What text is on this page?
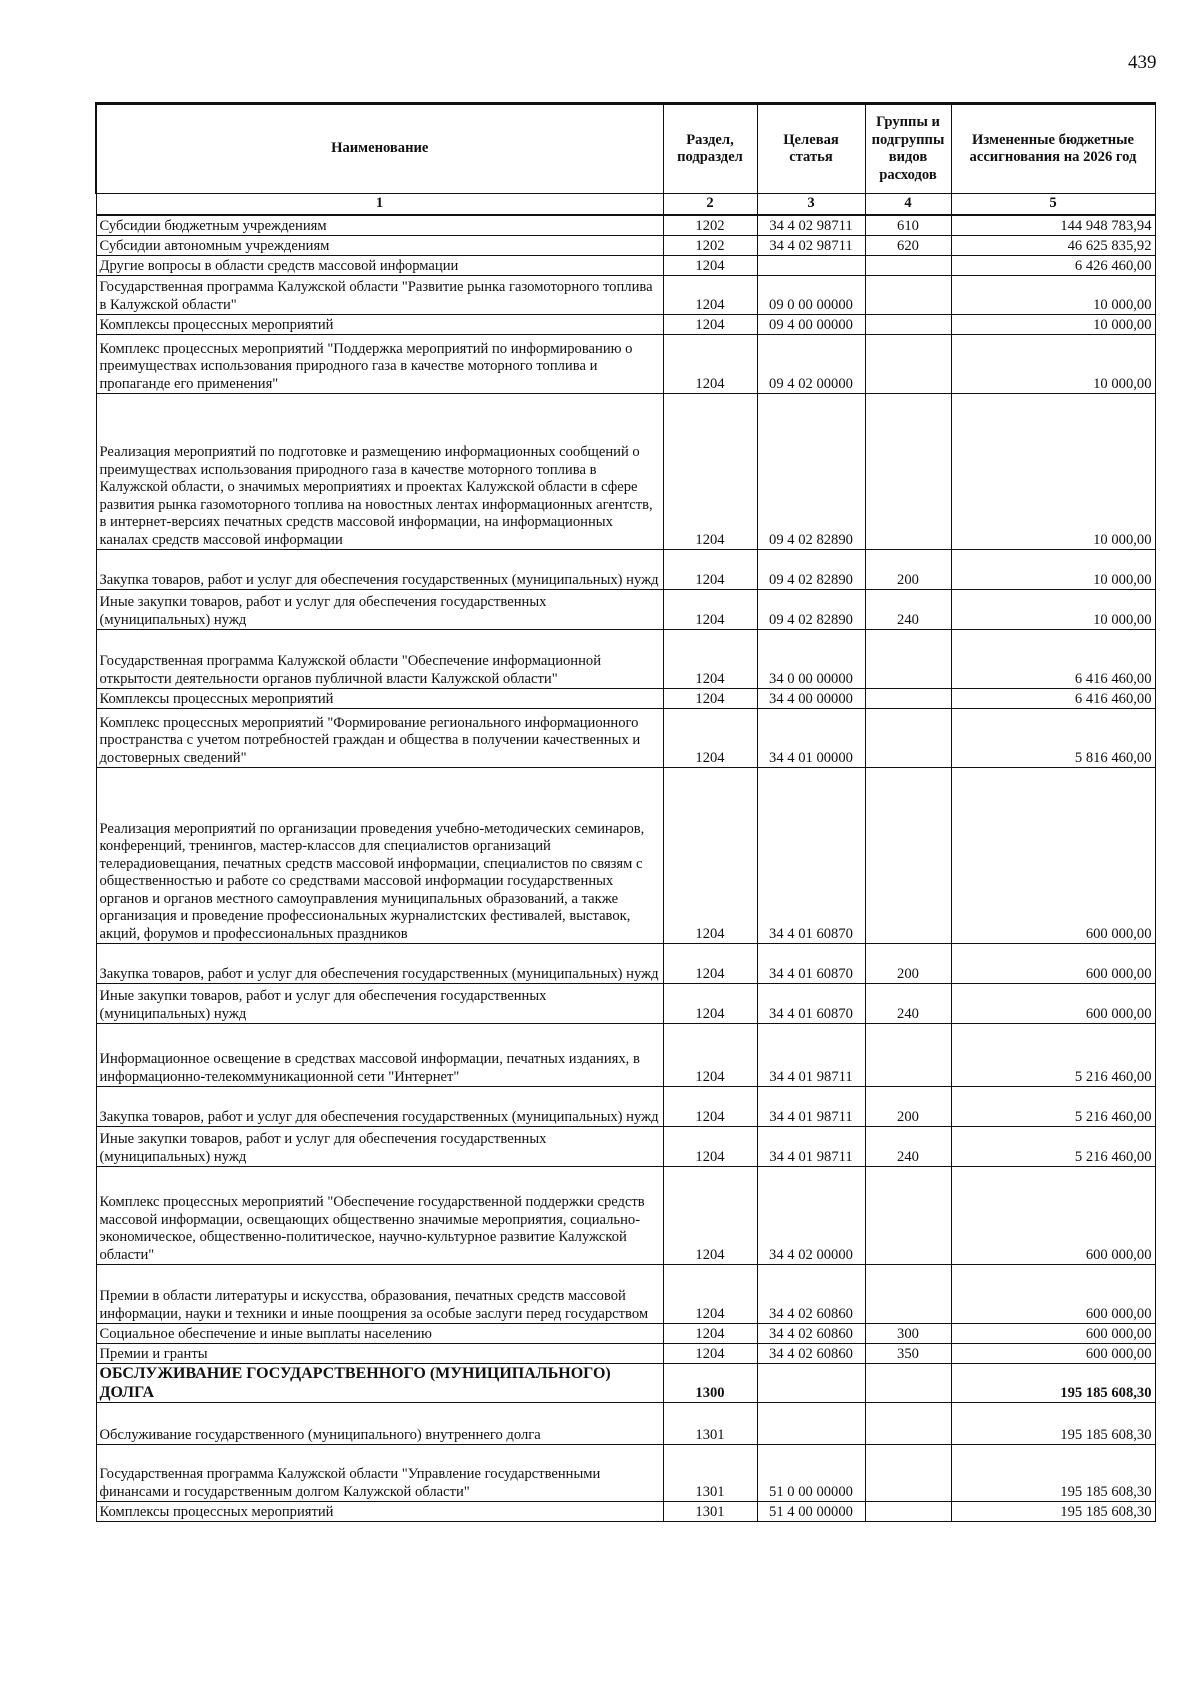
439
Наименование	Раздел, подраздел	Целевая статья	Группы и подгруппы видов расходов	Измененные бюджетные ассигнования на 2026 год
1	2	3	4	5
Субсидии бюджетным учреждениям	1202	34 4 02 98711	610	144 948 783,94
Субсидии автономным учреждениям	1202	34 4 02 98711	620	46 625 835,92
Другие вопросы в области средств массовой информации	1204			6 426 460,00
Государственная программа Калужской области "Развитие рынка газомоторного топлива в Калужской области"	1204	09 0 00 00000		10 000,00
Комплексы процессных мероприятий	1204	09 4 00 00000		10 000,00
Комплекс процессных мероприятий "Поддержка мероприятий по информированию о преимуществах использования природного газа в качестве моторного топлива и пропаганде его применения"	1204	09 4 02 00000		10 000,00
Реализация мероприятий по подготовке и размещению информационных сообщений о преимуществах использования природного газа в качестве моторного топлива в Калужской области, о значимых мероприятиях и проектах Калужской области в сфере развития рынка газомоторного топлива на новостных лентах информационных агентств, в интернет-версиях печатных средств массовой информации, на информационных каналах средств массовой информации	1204	09 4 02 82890		10 000,00
Закупка товаров, работ и услуг для обеспечения государственных (муниципальных) нужд	1204	09 4 02 82890	200	10 000,00
Иные закупки товаров, работ и услуг для обеспечения государственных (муниципальных) нужд	1204	09 4 02 82890	240	10 000,00
Государственная программа Калужской области "Обеспечение информационной открытости деятельности органов публичной власти Калужской области"	1204	34 0 00 00000		6 416 460,00
Комплексы процессных мероприятий	1204	34 4 00 00000		6 416 460,00
Комплекс процессных мероприятий "Формирование регионального информационного пространства с учетом потребностей граждан и общества в получении качественных и достоверных сведений"	1204	34 4 01 00000		5 816 460,00
Реализация мероприятий по организации проведения учебно-методических семинаров, конференций, тренингов, мастер-классов для специалистов организаций телерадиовещания, печатных средств массовой информации, специалистов по связям с общественностью и работе со средствами массовой информации государственных органов и органов местного самоуправления муниципальных образований, а также организация и проведение профессиональных журналистских фестивалей, выставок, акций, форумов и профессиональных праздников	1204	34 4 01 60870		600 000,00
Закупка товаров, работ и услуг для обеспечения государственных (муниципальных) нужд	1204	34 4 01 60870	200	600 000,00
Иные закупки товаров, работ и услуг для обеспечения государственных (муниципальных) нужд	1204	34 4 01 60870	240	600 000,00
Информационное освещение в средствах массовой информации, печатных изданиях, в информационно-телекоммуникационной сети "Интернет"	1204	34 4 01 98711		5 216 460,00
Закупка товаров, работ и услуг для обеспечения государственных (муниципальных) нужд	1204	34 4 01 98711	200	5 216 460,00
Иные закупки товаров, работ и услуг для обеспечения государственных (муниципальных) нужд	1204	34 4 01 98711	240	5 216 460,00
Комплекс процессных мероприятий "Обеспечение государственной поддержки средств массовой информации, освещающих общественно значимые мероприятия, социально-экономическое, общественно-политическое, научно-культурное развитие Калужской области"	1204	34 4 02 00000		600 000,00
Премии в области литературы и искусства, образования, печатных средств массовой информации, науки и техники и иные поощрения за особые заслуги перед государством	1204	34 4 02 60860		600 000,00
Социальное обеспечение и иные выплаты населению	1204	34 4 02 60860	300	600 000,00
Премии и гранты	1204	34 4 02 60860	350	600 000,00
ОБСЛУЖИВАНИЕ ГОСУДАРСТВЕННОГО (МУНИЦИПАЛЬНОГО) ДОЛГА	1300			195 185 608,30
Обслуживание государственного (муниципального) внутреннего долга	1301			195 185 608,30
Государственная программа Калужской области "Управление государственными финансами и государственным долгом Калужской области"	1301	51 0 00 00000		195 185 608,30
Комплексы процессных мероприятий	1301	51 4 00 00000		195 185 608,30
